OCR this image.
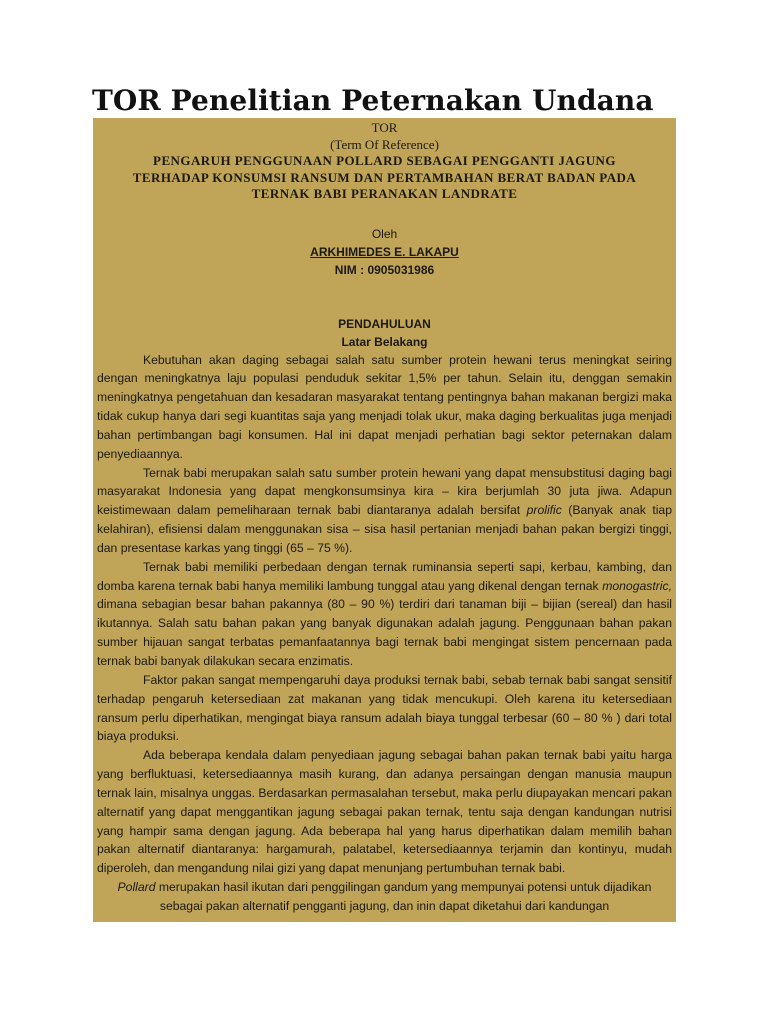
TOR Penelitian Peternakan Undana
TOR
(Term Of Reference)
PENGARUH PENGGUNAAN POLLARD SEBAGAI PENGGANTI JAGUNG
TERHADAP KONSUMSI RANSUM DAN PERTAMBAHAN BERAT BADAN PADA
TERNAK BABI PERANAKAN LANDRATE
Oleh
ARKHIMEDES E. LAKAPU
NIM : 0905031986
PENDAHULUAN
Latar Belakang

Kebutuhan akan daging sebagai salah satu sumber protein hewani terus meningkat seiring dengan meningkatnya laju populasi penduduk sekitar 1,5% per tahun. Selain itu, denggan semakin meningkatnya pengetahuan dan kesadaran masyarakat tentang pentingnya bahan makanan bergizi maka tidak cukup hanya dari segi kuantitas saja yang menjadi tolak ukur, maka daging berkualitas juga menjadi bahan pertimbangan bagi konsumen. Hal ini dapat menjadi perhatian bagi sektor peternakan dalam penyediaannya.

Ternak babi merupakan salah satu sumber protein hewani yang dapat mensubstitusi daging bagi masyarakat Indonesia yang dapat mengkonsumsinya kira – kira berjumlah 30 juta jiwa. Adapun keistimewaan dalam pemeliharaan ternak babi diantaranya adalah bersifat prolific (Banyak anak tiap kelahiran), efisiensi dalam menggunakan sisa – sisa hasil pertanian menjadi bahan pakan bergizi tinggi, dan presentase karkas yang tinggi (65 – 75 %).

Ternak babi memiliki perbedaan dengan ternak ruminansia seperti sapi, kerbau, kambing, dan domba karena ternak babi hanya memiliki lambung tunggal atau yang dikenal dengan ternak monogastric, dimana sebagian besar bahan pakannya (80 – 90 %) terdiri dari tanaman biji – bijian (sereal) dan hasil ikutannya. Salah satu bahan pakan yang banyak digunakan adalah jagung. Penggunaan bahan pakan sumber hijauan sangat terbatas pemanfaatannya bagi ternak babi mengingat sistem pencernaan pada ternak babi banyak dilakukan secara enzimatis.

Faktor pakan sangat mempengaruhi daya produksi ternak babi, sebab ternak babi sangat sensitif terhadap pengaruh ketersediaan zat makanan yang tidak mencukupi. Oleh karena itu ketersediaan ransum perlu diperhatikan, mengingat biaya ransum adalah biaya tunggal terbesar (60 – 80 % ) dari total biaya produksi.

Ada beberapa kendala dalam penyediaan jagung sebagai bahan pakan ternak babi yaitu harga yang berfluktuasi, ketersediaannya masih kurang, dan adanya persaingan dengan manusia maupun ternak lain, misalnya unggas. Berdasarkan permasalahan tersebut, maka perlu diupayakan mencari pakan alternatif yang dapat menggantikan jagung sebagai pakan ternak, tentu saja dengan kandungan nutrisi yang hampir sama dengan jagung. Ada beberapa hal yang harus diperhatikan dalam memilih bahan pakan alternatif diantaranya: hargamurah, palatabel, ketersediaannya terjamin dan kontinyu, mudah diperoleh, dan mengandung nilai gizi yang dapat menunjang pertumbuhan ternak babi.

Pollard merupakan hasil ikutan dari penggilingan gandum yang mempunyai potensi untuk dijadikan
sebagai pakan alternatif pengganti jagung, dan inin dapat diketahui dari kandungan
